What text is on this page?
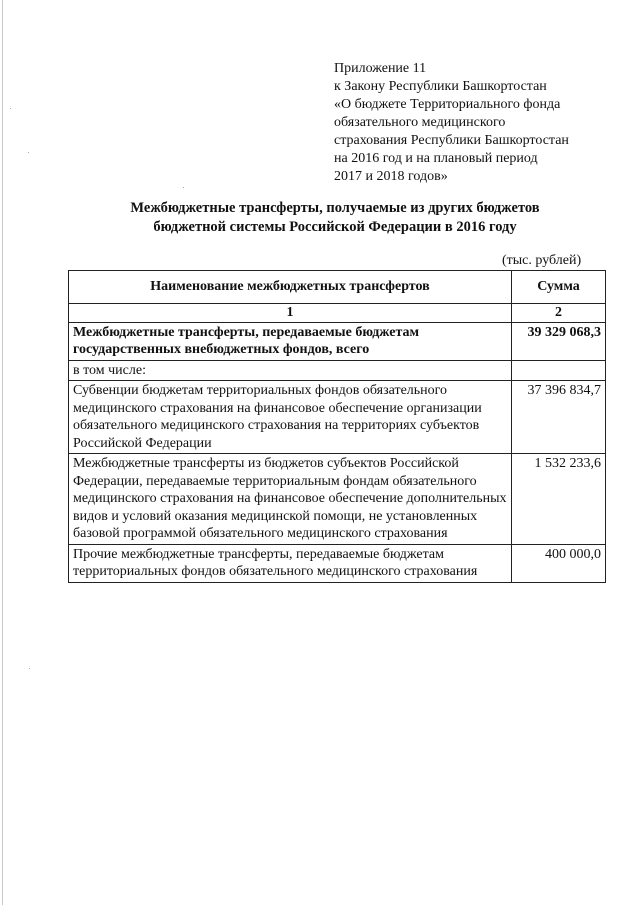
Приложение 11
к Закону Республики Башкортостан
«О бюджете Территориального фонда
обязательного медицинского
страхования Республики Башкортостан
на 2016 год и на плановый период
2017 и 2018 годов»
Межбюджетные трансферты, получаемые из других бюджетов
бюджетной системы Российской Федерации в 2016 году
(тыс. рублей)
Наименование межбюджетных трансфертов	Сумма
1	2
Межбюджетные трансферты, передаваемые бюджетам государственных внебюджетных фондов, всего	39 329 068,3
в том числе:	
Субвенции бюджетам территориальных фондов обязательного медицинского страхования на финансовое обеспечение организации обязательного медицинского страхования на территориях субъектов Российской Федерации	37 396 834,7
Межбюджетные трансферты из бюджетов субъектов Российской Федерации, передаваемые территориальным фондам обязательного медицинского страхования на финансовое обеспечение дополнительных видов и условий оказания медицинской помощи, не установленных базовой программой обязательного медицинского страхования	1 532 233,6
Прочие межбюджетные трансферты, передаваемые бюджетам территориальных фондов обязательного медицинского страхования	400 000,0
